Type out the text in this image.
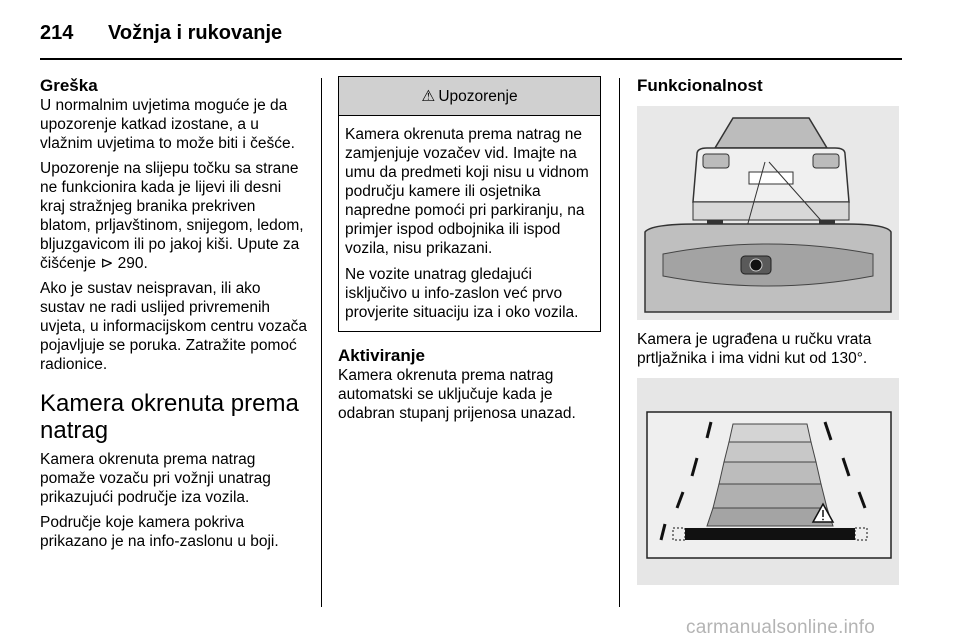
214 Vožnja i rukovanje
Greška

U normalnim uvjetima moguće je da upozorenje katkad izostane, a u vlažnim uvjetima to može biti i češće.

Upozorenje na slijepu točku sa strane ne funkcionira kada je lijevi ili desni kraj stražnjeg branika prekriven blatom, prljavštinom, snijegom, ledom, bljuzgavicom ili po jakoj kiši. Upute za čišćenje ⊳ 290.

Ako je sustav neispravan, ili ako sustav ne radi uslijed privremenih uvjeta, u informacijskom centru vozača pojavljuje se poruka. Zatražite pomoć radionice.

Kamera okrenuta prema natrag

Kamera okrenuta prema natrag pomaže vozaču pri vožnji unatrag prikazujući područje iza vozila.

Područje koje kamera pokriva prikazano je na info-zaslonu u boji.

⚠ Upozorenje

Kamera okrenuta prema natrag ne zamjenjuje vozačev vid. Imajte na umu da predmeti koji nisu u vidnom području kamere ili osjetnika napredne pomoći pri parkiranju, na primjer ispod odbojnika ili ispod vozila, nisu prikazani.

Ne vozite unatrag gledajući isključivo u info-zaslon već prvo provjerite situaciju iza i oko vozila.

Aktiviranje

Kamera okrenuta prema natrag automatski se uključuje kada je odabran stupanj prijenosa unazad.

Funkcionalnost

Kamera je ugrađena u ručku vrata prtljažnika i ima vidni kut od 130°.

carmanualsonline.info
